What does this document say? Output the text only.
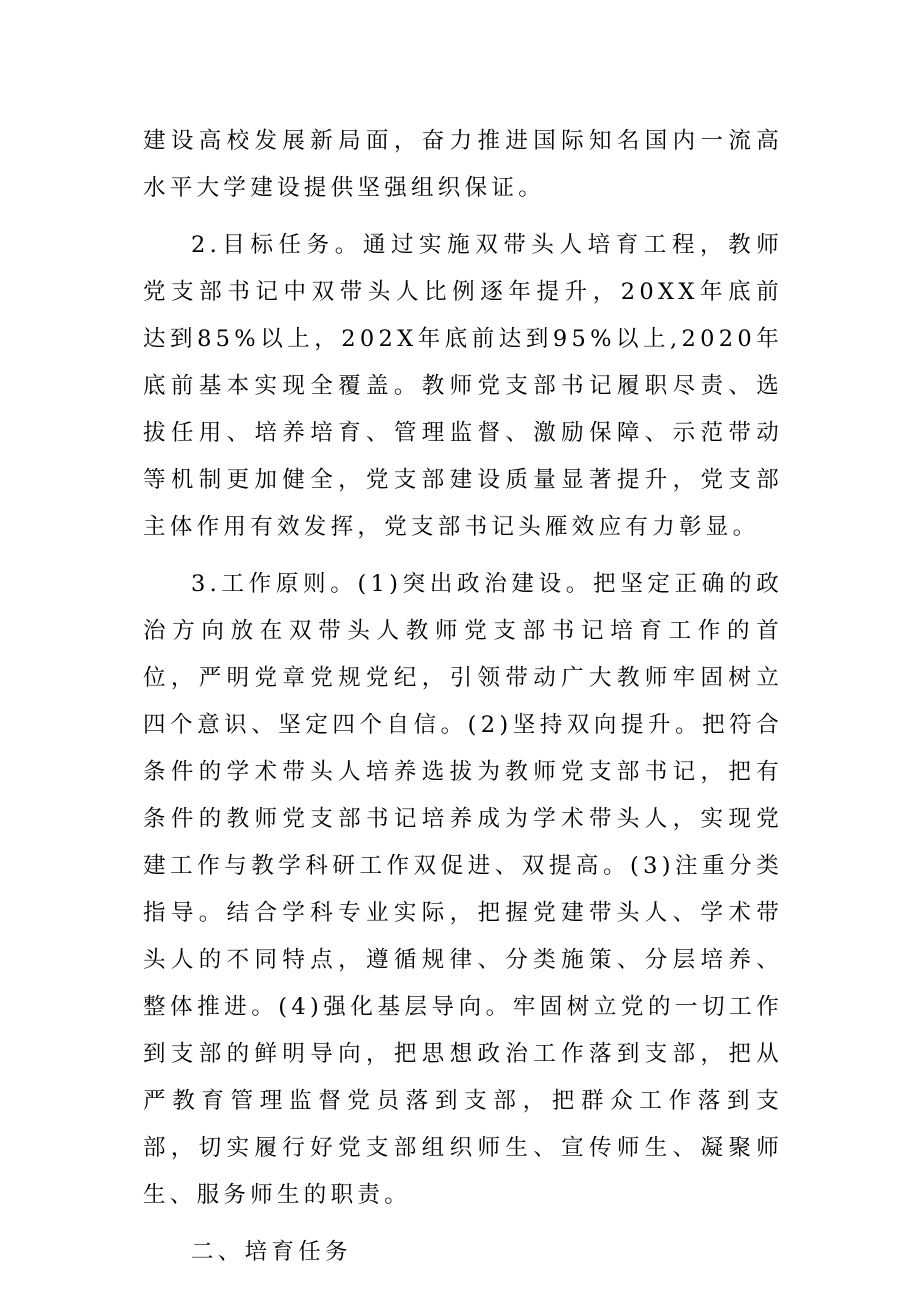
建设高校发展新局面，奋力推进国际知名国内一流高水平大学建设提供坚强组织保证。

2.目标任务。通过实施双带头人培育工程，教师党支部书记中双带头人比例逐年提升，20XX年底前达到85%以上，202X年底前达到95%以上,2020年底前基本实现全覆盖。教师党支部书记履职尽责、选拔任用、培养培育、管理监督、激励保障、示范带动等机制更加健全，党支部建设质量显著提升，党支部主体作用有效发挥，党支部书记头雁效应有力彰显。

3.工作原则。(1)突出政治建设。把坚定正确的政治方向放在双带头人教师党支部书记培育工作的首位，严明党章党规党纪，引领带动广大教师牢固树立四个意识、坚定四个自信。(2)坚持双向提升。把符合条件的学术带头人培养选拔为教师党支部书记，把有条件的教师党支部书记培养成为学术带头人，实现党建工作与教学科研工作双促进、双提高。(3)注重分类指导。结合学科专业实际，把握党建带头人、学术带头人的不同特点，遵循规律、分类施策、分层培养、整体推进。(4)强化基层导向。牢固树立党的一切工作到支部的鲜明导向，把思想政治工作落到支部，把从严教育管理监督党员落到支部，把群众工作落到支部，切实履行好党支部组织师生、宣传师生、凝聚师生、服务师生的职责。

二、培育任务
